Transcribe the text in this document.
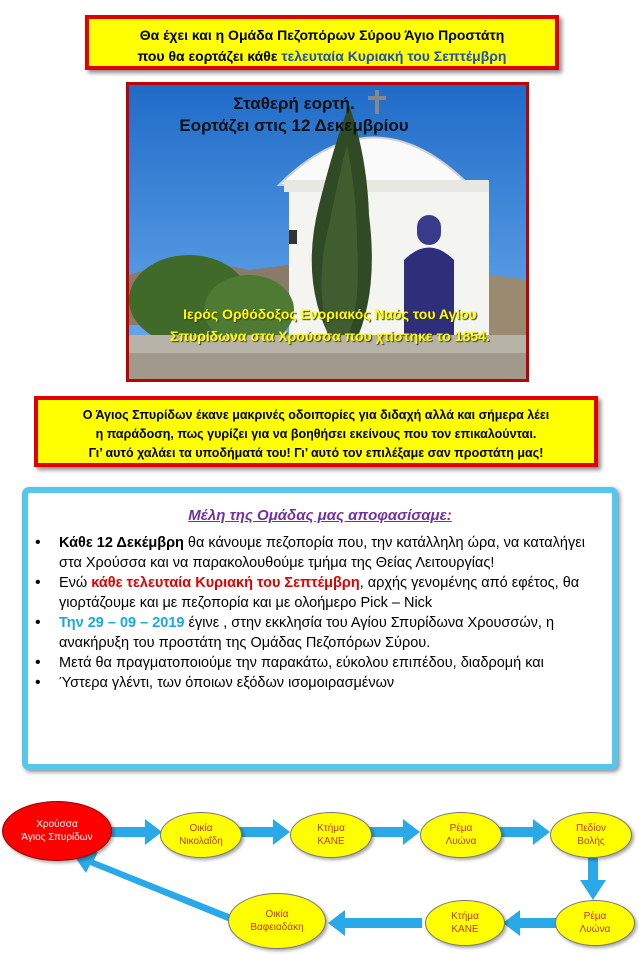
Θα έχει και η Ομάδα Πεζοπόρων Σύρου Άγιο Προστάτη
που θα εορτάζει κάθε τελευταία Κυριακή του Σεπτέμβρη
Σταθερή εορτή.
Εορτάζει στις 12 Δεκεμβρίου
Ιερός Ορθόδοξος Ενοριακός Ναός του Αγίου
Σπυρίδωνα στα Χρούσσα που χτίστηκε το 1854.
Ο Άγιος Σπυρίδων έκανε μακρινές οδοιπορίες για διδαχή αλλά και σήμερα λέει
η παράδοση, πως γυρίζει για να βοηθήσει εκείνους που τον επικαλούνται.
Γι’ αυτό χαλάει τα υποδήματά του! Γι’ αυτό τον επιλέξαμε σαν προστάτη μας!
Μέλη της Ομάδας μας αποφασίσαμε:
• Κάθε 12 Δεκέμβρη θα κάνουμε πεζοπορία που, την κατάλληλη ώρα, να καταλήγει στα Χρούσσα και να παρακολουθούμε τμήμα της Θείας Λειτουργίας!
• Ενώ κάθε τελευταία Κυριακή του Σεπτέμβρη, αρχής γενομένης από εφέτος, θα γιορτάζουμε και με πεζοπορία και με ολοήμερο Pick – Nick
• Την 29 – 09 – 2019 έγινε , στην εκκλησία του Αγίου Σπυρίδωνα Χρουσσών, η ανακήρυξη του προστάτη της Ομάδας Πεζοπόρων Σύρου.
• Μετά θα πραγματοποιούμε την παρακάτω, εύκολου επιπέδου, διαδρομή και
• Ύστερα γλέντι, των όποιων εξόδων ισομοιρασμένων
Χρούσσα
Άγιος Σπυρίδων
Οικία
Νικολαΐδη
Κτήμα
ΚΑΝΕ
Ρέμα
Λυώνα
Πεδίον
Βολής
Ρέμα
Λυώνα
Κτήμα
ΚΑΝΕ
Οικία
Βαφειαδάκη
